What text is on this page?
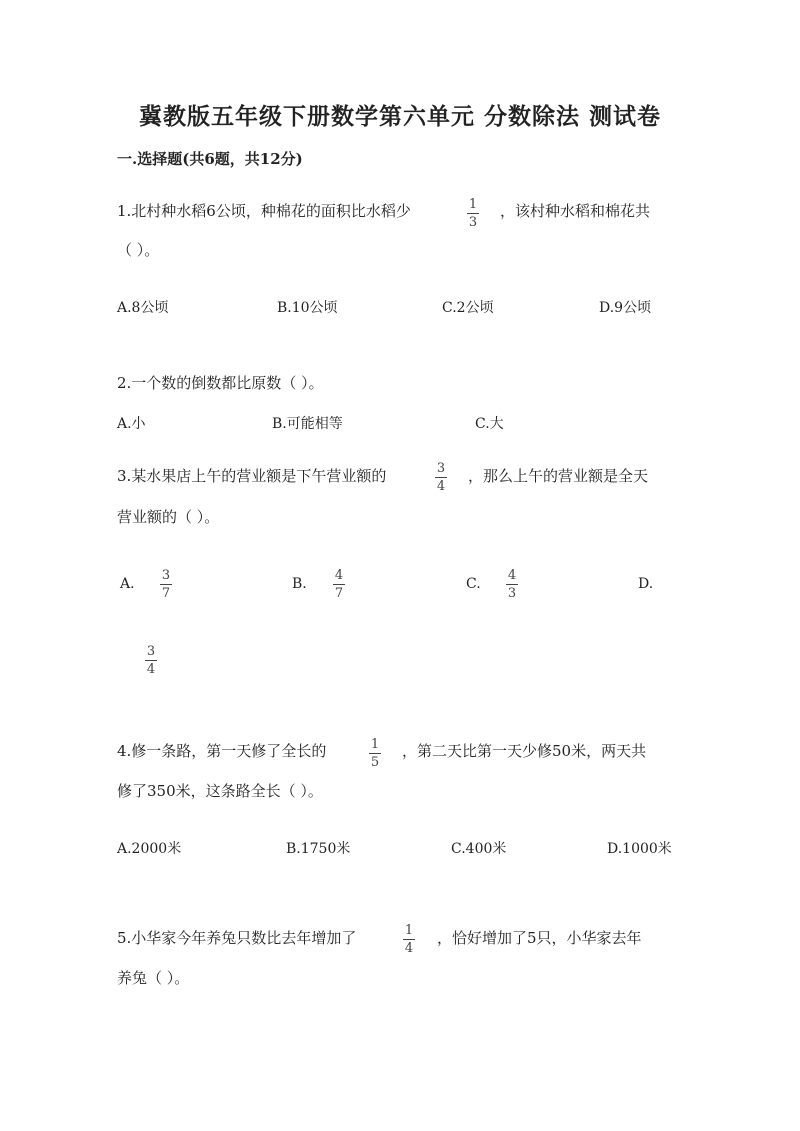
冀教版五年级下册数学第六单元 分数除法 测试卷
一.选择题(共6题，共12分)
1.北村种水稻6公顷，种棉花的面积比水稻少	1
3
，该村种水稻和棉花共
（ ）。
A.8公顷	B.10公顷	C.2公顷	D.9公顷
2.一个数的倒数都比原数（ ）。
A.小	B.可能相等	C.大
3.某水果店上午的营业额是下午营业额的	3
4
，那么上午的营业额是全天
营业额的（ ）。
A.
3
7
B.
4
7
C.
4
3
D.
3
4
4.修一条路，第一天修了全长的	1
5
，第二天比第一天少修50米，两天共
修了350米，这条路全长（ ）。
A.2000米	B.1750米	C.400米	D.1000米
5.小华家今年养兔只数比去年增加了	1
4
，恰好增加了5只，小华家去年
养兔（ ）。
